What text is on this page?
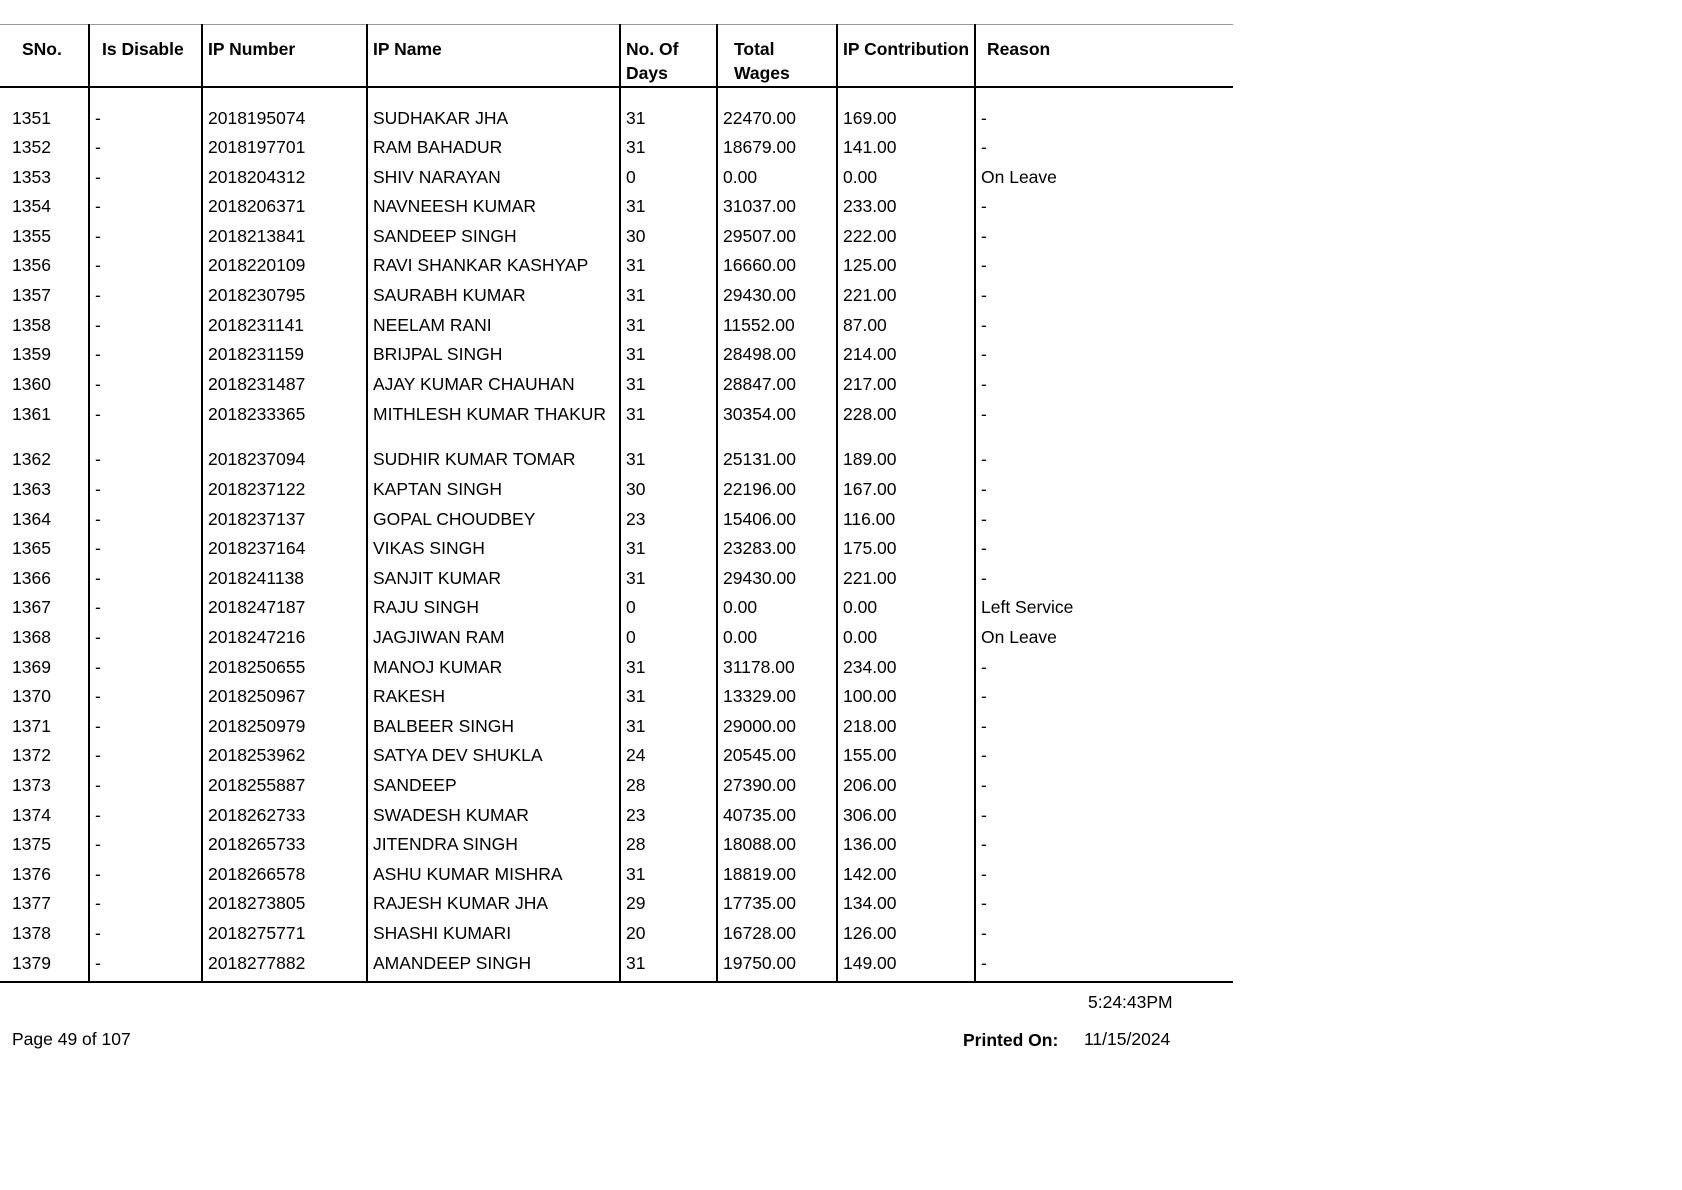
SNo.	Is Disable	IP Number	IP Name	No. Of Days	Total Wages	IP Contribution	Reason

1351	-	2018195074	SUDHAKAR JHA	31	22470.00	169.00	-
1352	-	2018197701	RAM BAHADUR	31	18679.00	141.00	-
1353	-	2018204312	SHIV NARAYAN	0	0.00	0.00	On Leave
1354	-	2018206371	NAVNEESH KUMAR	31	31037.00	233.00	-
1355	-	2018213841	SANDEEP SINGH	30	29507.00	222.00	-
1356	-	2018220109	RAVI SHANKAR KASHYAP	31	16660.00	125.00	-
1357	-	2018230795	SAURABH KUMAR	31	29430.00	221.00	-
1358	-	2018231141	NEELAM RANI	31	11552.00	87.00	-
1359	-	2018231159	BRIJPAL SINGH	31	28498.00	214.00	-
1360	-	2018231487	AJAY KUMAR CHAUHAN	31	28847.00	217.00	-
1361	-	2018233365	MITHLESH KUMAR THAKUR	31	30354.00	228.00	-
1362	-	2018237094	SUDHIR KUMAR TOMAR	31	25131.00	189.00	-
1363	-	2018237122	KAPTAN SINGH	30	22196.00	167.00	-
1364	-	2018237137	GOPAL CHOUDBEY	23	15406.00	116.00	-
1365	-	2018237164	VIKAS SINGH	31	23283.00	175.00	-
1366	-	2018241138	SANJIT KUMAR	31	29430.00	221.00	-
1367	-	2018247187	RAJU SINGH	0	0.00	0.00	Left Service
1368	-	2018247216	JAGJIWAN RAM	0	0.00	0.00	On Leave
1369	-	2018250655	MANOJ KUMAR	31	31178.00	234.00	-
1370	-	2018250967	RAKESH	31	13329.00	100.00	-
1371	-	2018250979	BALBEER SINGH	31	29000.00	218.00	-
1372	-	2018253962	SATYA DEV SHUKLA	24	20545.00	155.00	-
1373	-	2018255887	SANDEEP	28	27390.00	206.00	-
1374	-	2018262733	SWADESH KUMAR	23	40735.00	306.00	-
1375	-	2018265733	JITENDRA SINGH	28	18088.00	136.00	-
1376	-	2018266578	ASHU KUMAR MISHRA	31	18819.00	142.00	-
1377	-	2018273805	RAJESH KUMAR JHA	29	17735.00	134.00	-
1378	-	2018275771	SHASHI KUMARI	20	16728.00	126.00	-
1379	-	2018277882	AMANDEEP SINGH	31	19750.00	149.00	-
5:24:43PM
Page 49 of 107	Printed On: 11/15/2024
